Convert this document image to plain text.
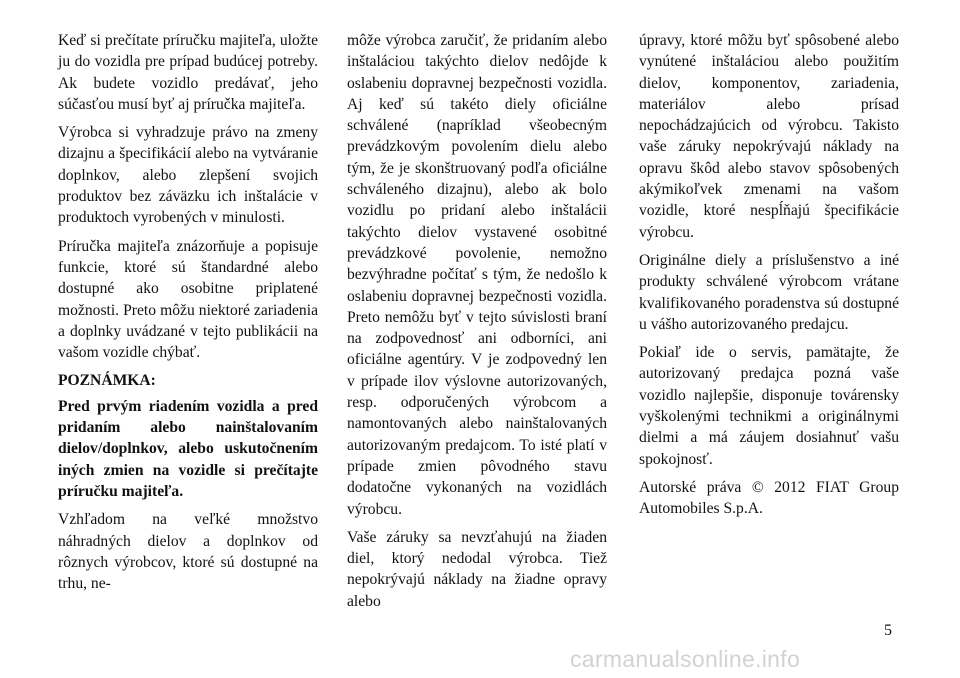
Keď si prečítate príručku majiteľa, uložte ju do vozidla pre prípad budúcej potreby. Ak budete vozidlo predávať, jeho súčasťou musí byť aj príručka majiteľa.

Výrobca si vyhradzuje právo na zmeny dizajnu a špecifikácií alebo na vytváranie doplnkov, alebo zlepšení svojich produktov bez záväzku ich inštalácie v produktoch vyrobených v minulosti.

Príručka majiteľa znázorňuje a popisuje funkcie, ktoré sú štandardné alebo dostupné ako osobitne priplatené možnosti. Preto môžu niektoré zariadenia a doplnky uvádzané v tejto publikácii na vašom vozidle chýbať.

POZNÁMKA:

Pred prvým riadením vozidla a pred pridaním alebo nainštalovaním dielov/doplnkov, alebo uskutočnením iných zmien na vozidle si prečítajte príručku majiteľa.

Vzhľadom na veľké množstvo náhradných dielov a doplnkov od rôznych výrobcov, ktoré sú dostupné na trhu, ne-

môže výrobca zaručiť, že pridaním alebo inštaláciou takýchto dielov nedôjde k oslabeniu dopravnej bezpečnosti vozidla. Aj keď sú takéto diely oficiálne schválené (napríklad všeobecným prevádzkovým povolením dielu alebo tým, že je skonštruovaný podľa oficiálne schváleného dizajnu), alebo ak bolo vozidlu po pridaní alebo inštalácii takýchto dielov vystavené osobitné prevádzkové povolenie, nemožno bezvýhradne počítať s tým, že nedošlo k oslabeniu dopravnej bezpečnosti vozidla. Preto nemôžu byť v tejto súvislosti braní na zodpovednosť ani odborníci, ani oficiálne agentúry. V je zodpovedný len v prípade ilov výslovne autorizovaných, resp. odporučených výrobcom a namontovaných alebo nainštalovaných autorizovaným predajcom. To isté platí v prípade zmien pôvodného stavu dodatočne vykonaných na vozidlách výrobcu.

Vaše záruky sa nevzťahujú na žiaden diel, ktorý nedodal výrobca. Tiež nepokrývajú náklady na žiadne opravy alebo

úpravy, ktoré môžu byť spôsobené alebo vynútené inštaláciou alebo použitím dielov, komponentov, zariadenia, materiálov alebo prísad nepochádzajúcich od výrobcu. Takisto vaše záruky nepokrývajú náklady na opravu škôd alebo stavov spôsobených akýmikoľvek zmenami na vašom vozidle, ktoré nespĺňajú špecifikácie výrobcu.

Originálne diely a príslušenstvo a iné produkty schválené výrobcom vrátane kvalifikovaného poradenstva sú dostupné u vášho autorizovaného predajcu.

Pokiaľ ide o servis, pamätajte, že autorizovaný predajca pozná vaše vozidlo najlepšie, disponuje továrensky vyškolenými technikmi a originálnymi dielmi a má záujem dosiahnuť vašu spokojnosť.

Autorské práva © 2012 FIAT Group Automobiles S.p.A.

5
carmanualsonline.info
